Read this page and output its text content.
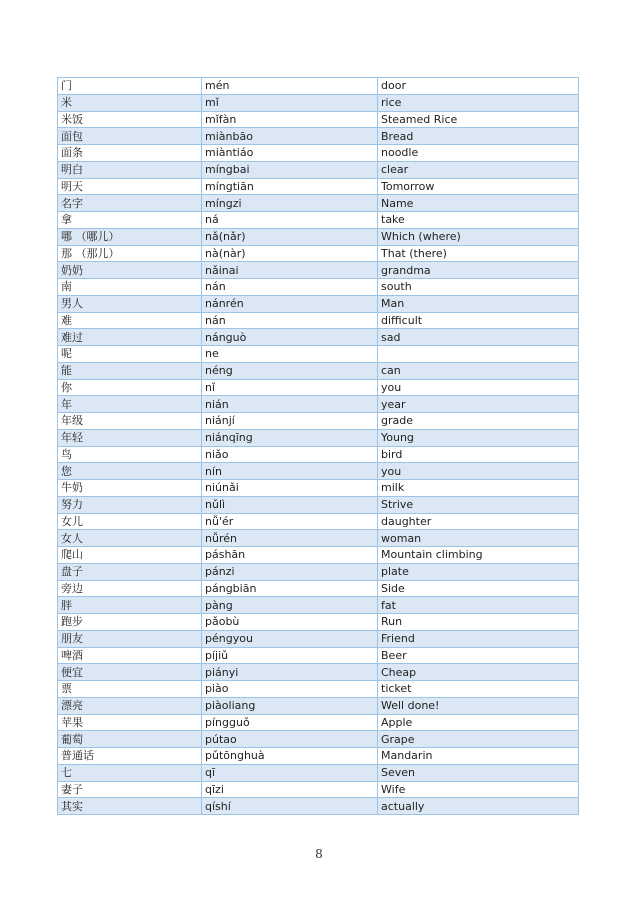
门	mén	door
米	mǐ	rice
米饭	mǐfàn	Steamed Rice
面包	miànbāo	Bread
面条	miàntiáo	noodle
明白	míngbai	clear
明天	míngtiān	Tomorrow
名字	míngzi	Name
拿	ná	take
哪 （哪儿）	nǎ(nǎr)	Which (where)
那 （那儿）	nà(nàr)	That (there)
奶奶	nǎinai	grandma
南	nán	south
男人	nánrén	Man
难	nán	difficult
难过	nánguò	sad
呢	ne	
能	néng	can
你	nǐ	you
年	nián	year
年级	niánjí	grade
年轻	niánqīng	Young
鸟	niǎo	bird
您	nín	you
牛奶	niúnǎi	milk
努力	nǔlì	Strive
女儿	nǚ'ér	daughter
女人	nǚrén	woman
爬山	páshān	Mountain climbing
盘子	pánzi	plate
旁边	pángbiān	Side
胖	pàng	fat
跑步	pǎobù	Run
朋友	péngyou	Friend
啤酒	píjiǔ	Beer
便宜	piányi	Cheap
票	piào	ticket
漂亮	piàoliang	Well done!
苹果	píngguǒ	Apple
葡萄	pútao	Grape
普通话	pǔtōnghuà	Mandarin
七	qī	Seven
妻子	qīzi	Wife
其实	qíshí	actually
8
